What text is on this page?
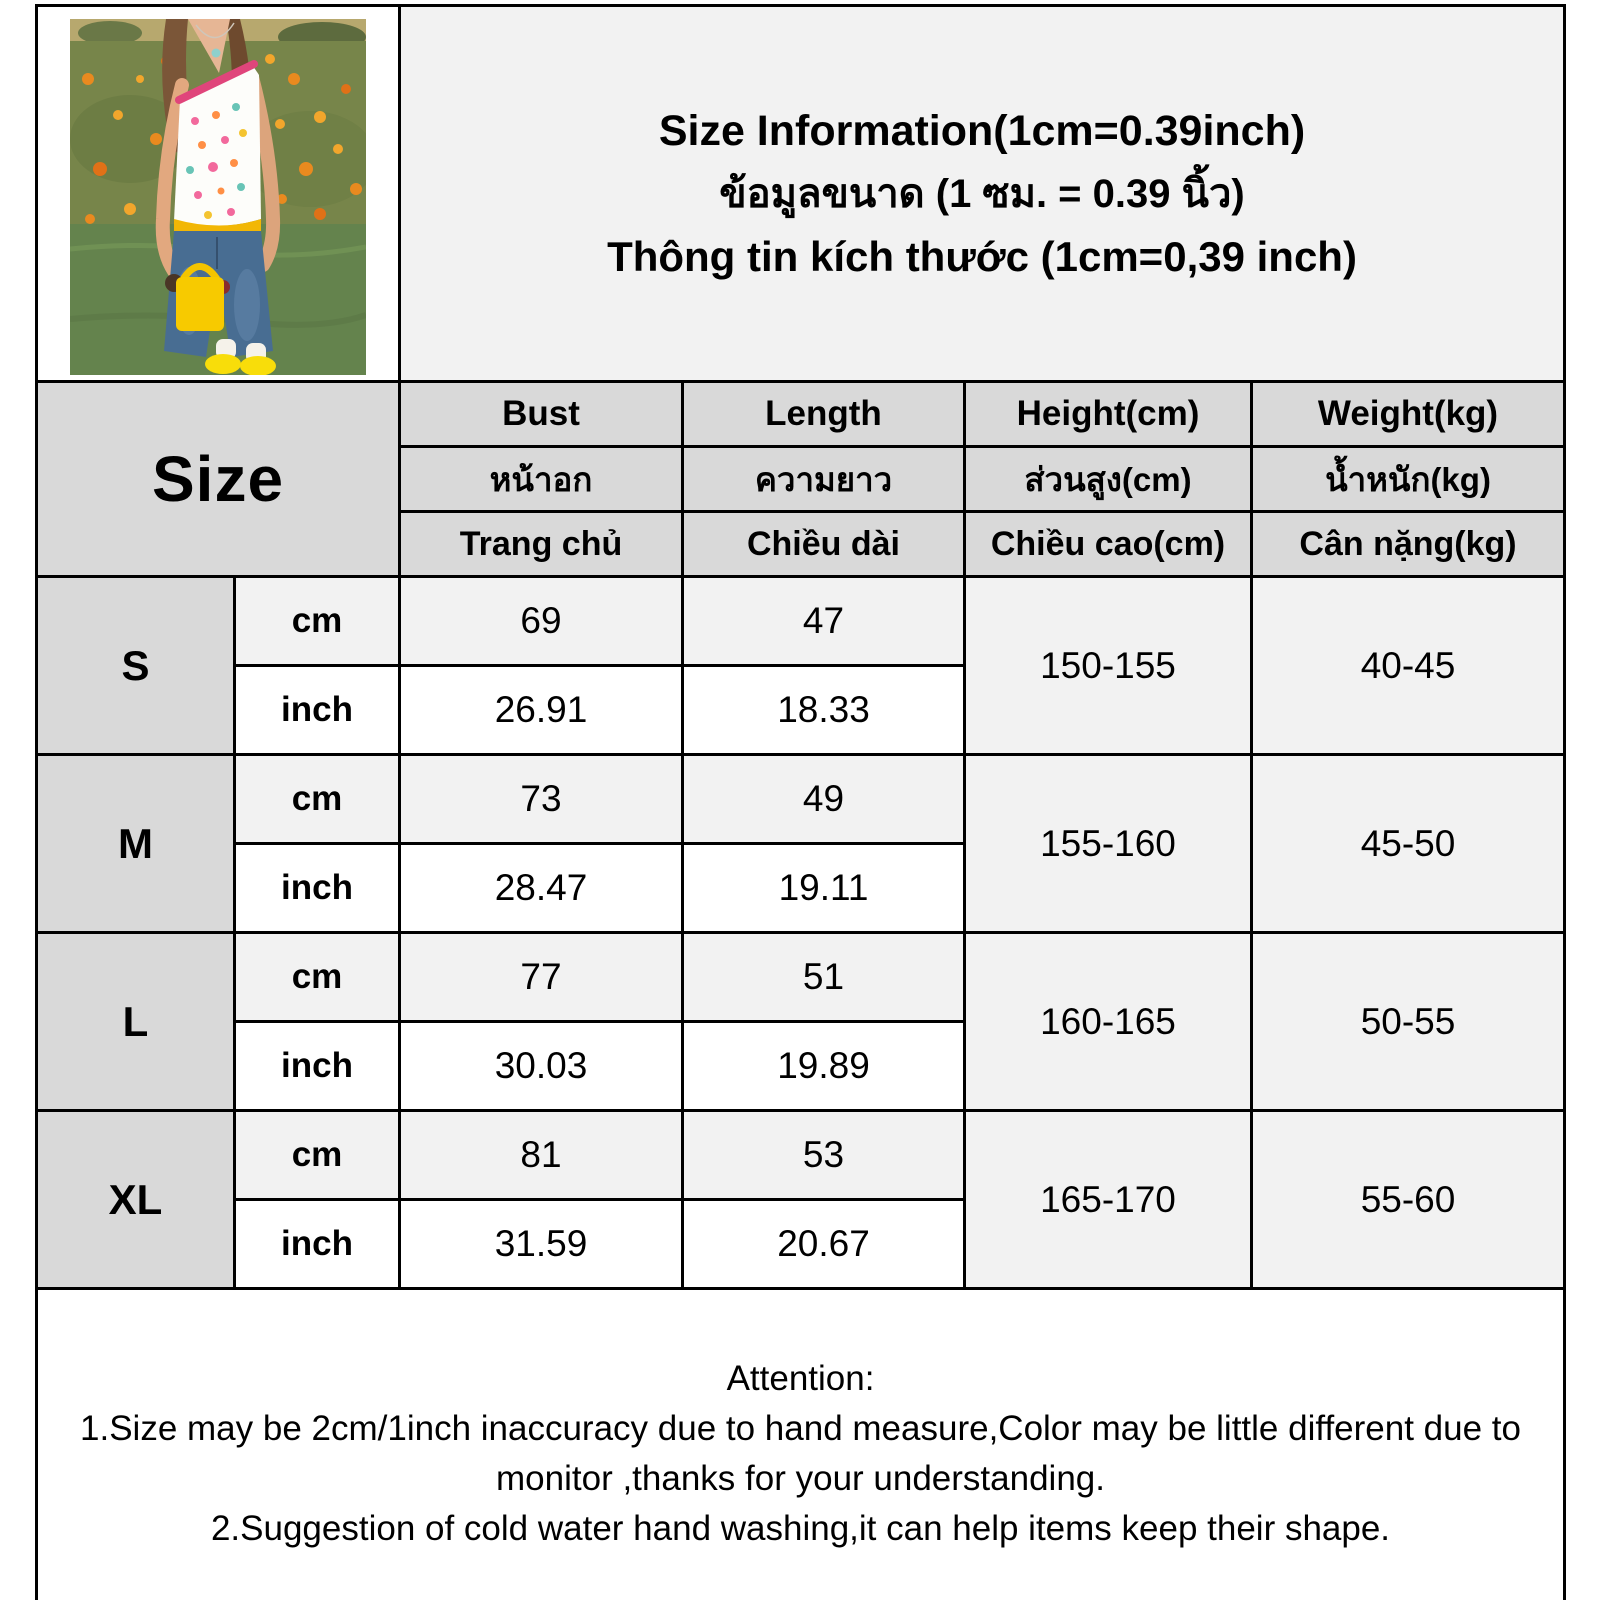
Size Information(1cm=0.39inch)
ข้อมูลขนาด (1 ซม. = 0.39 นิ้ว)
Thông tin kích thước (1cm=0,39 inch)			

Size		Bust	Length	Height(cm)	Weight(kg)
		หน้าอก	ความยาว	ส่วนสูง(cm)	น้ำหนัก(kg)
		Trang chủ	Chiều dài	Chiều cao(cm)	Cân nặng(kg)
S	cm	69	47	150-155	40-45
	inch	26.91	18.33		
M	cm	73	49	155-160	45-50
	inch	28.47	19.11		
L	cm	77	51	160-165	50-55
	inch	30.03	19.89		
XL	cm	81	53	165-170	55-60
	inch	31.59	20.67		

Attention:
1.Size may be 2cm/1inch inaccuracy due to hand measure,Color may be little different due to monitor ,thanks for your understanding.
2.Suggestion of cold water hand washing,it can help items keep their shape.					
